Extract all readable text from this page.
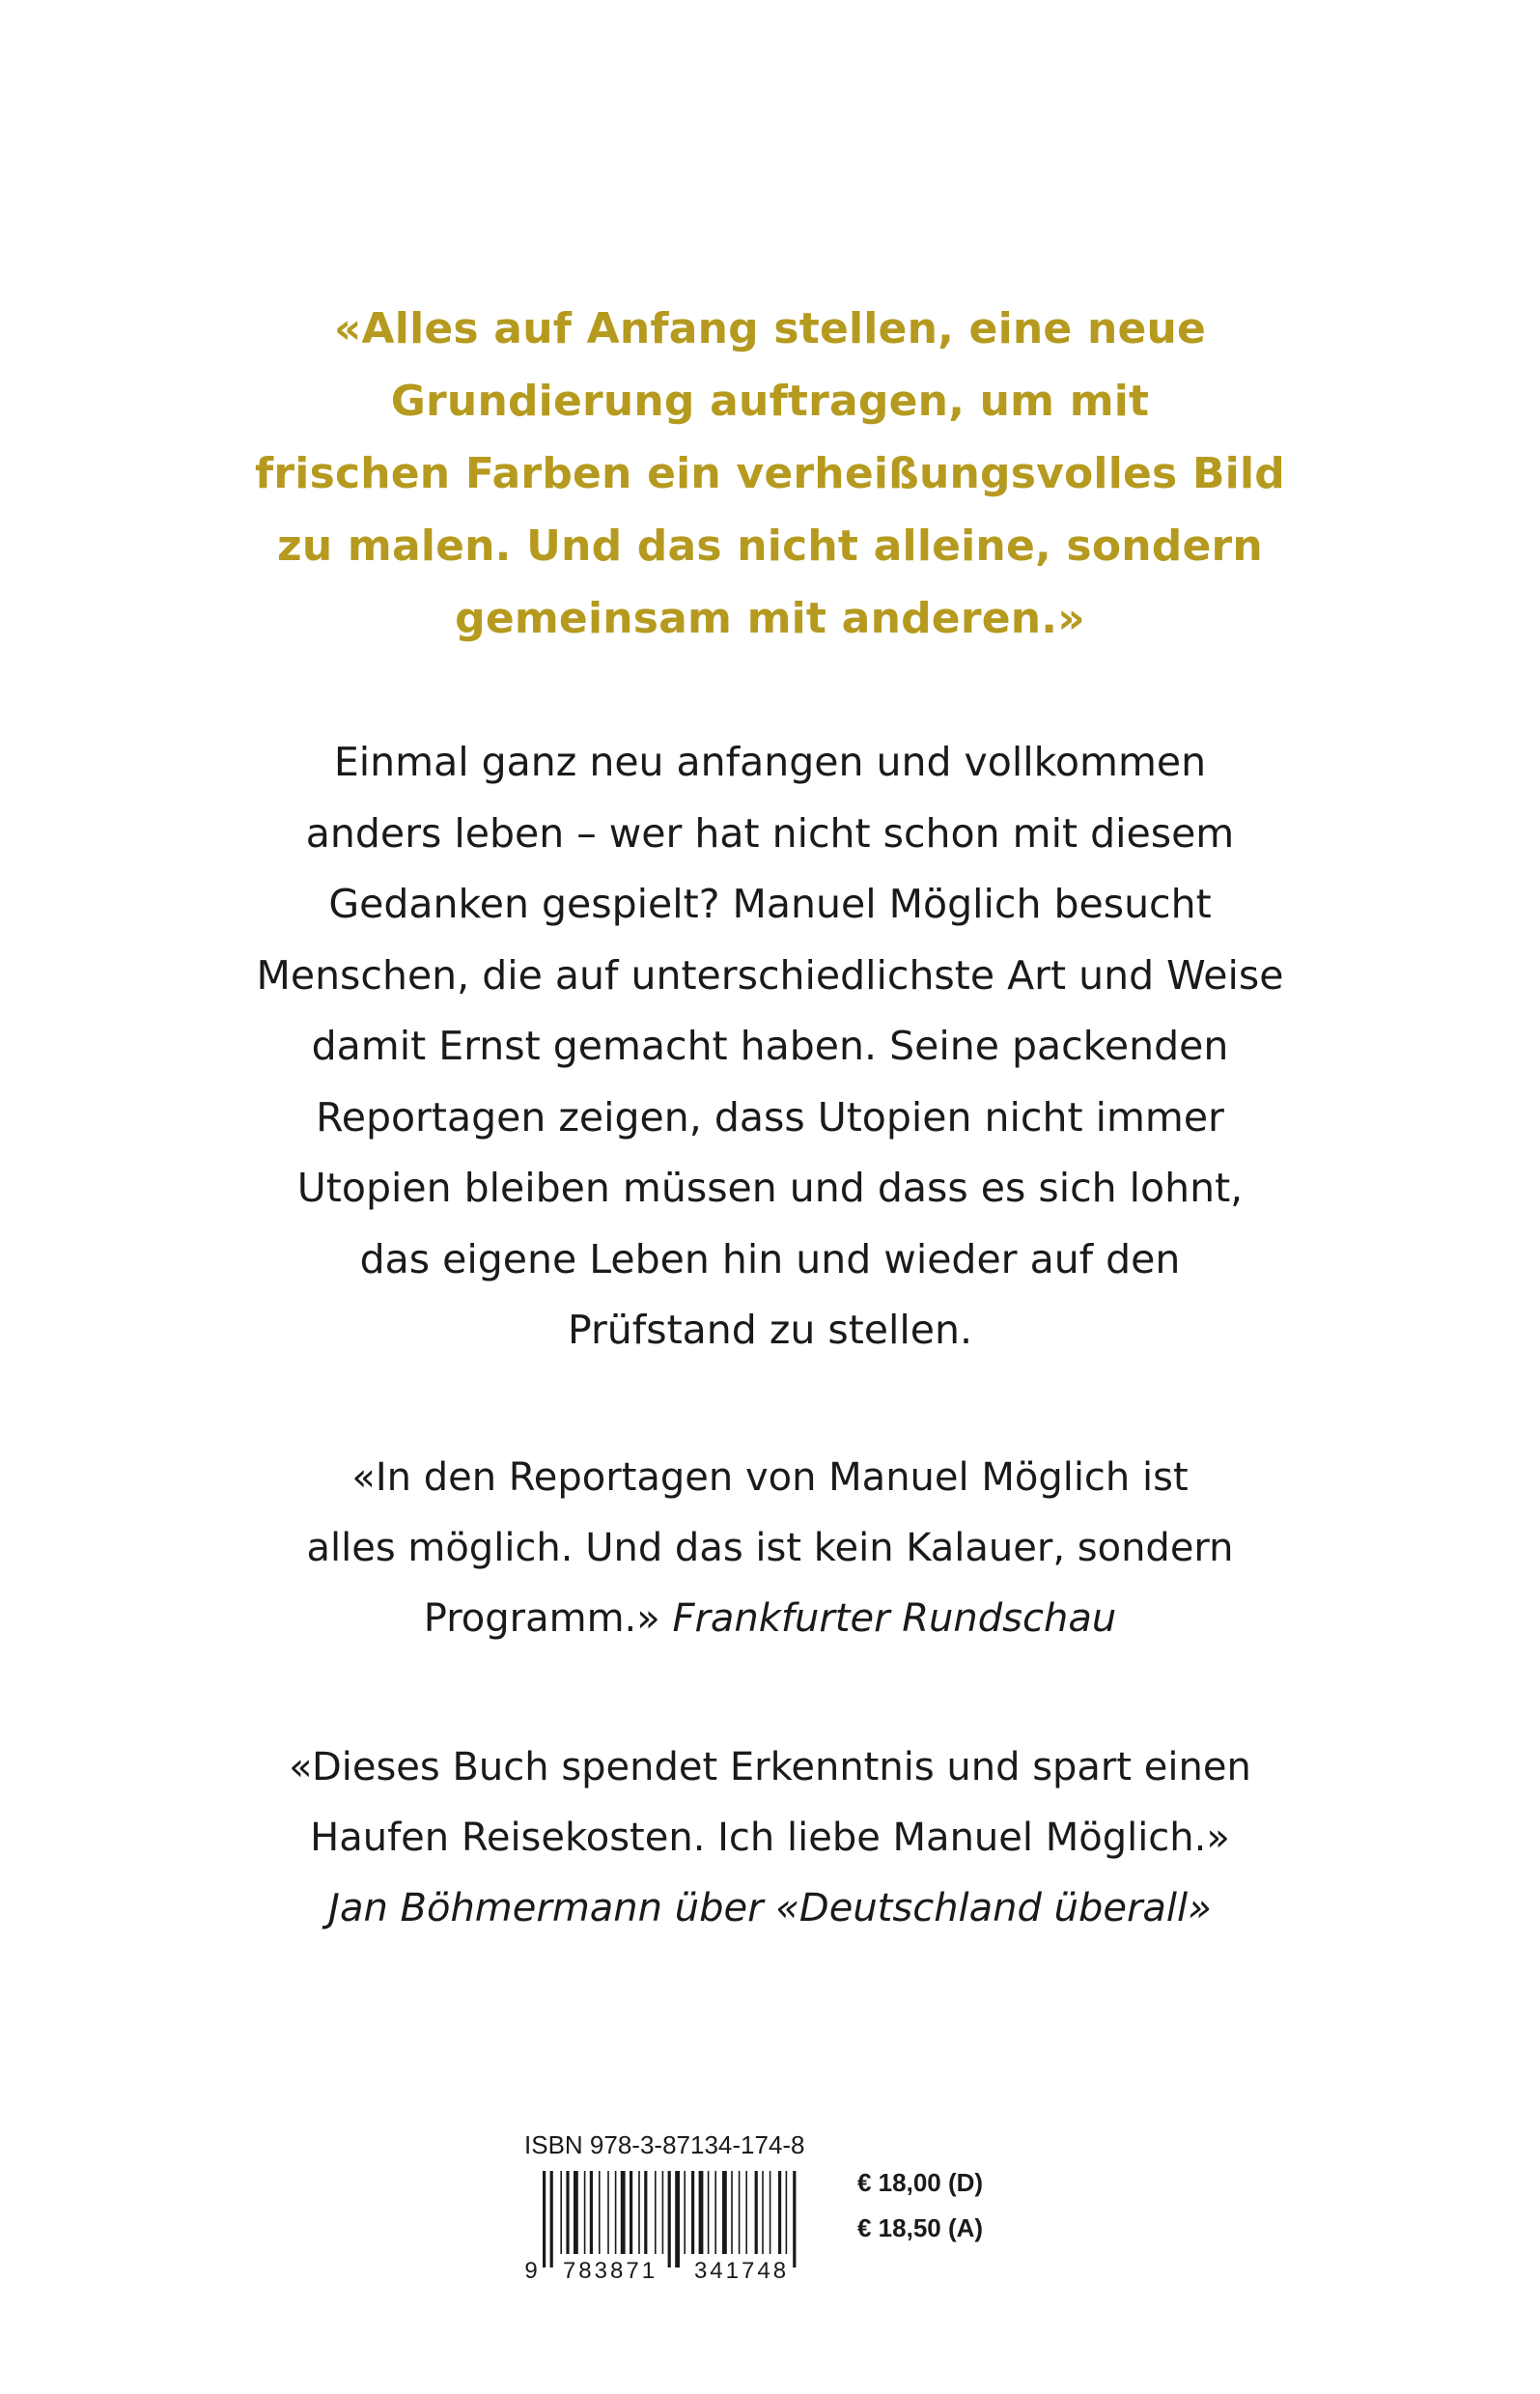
«Alles auf Anfang stellen, eine neue
Grundierung auftragen, um mit
frischen Farben ein verheißungsvolles Bild
zu malen. Und das nicht alleine, sondern
gemeinsam mit anderen.»
Einmal ganz neu anfangen und vollkommen
anders leben – wer hat nicht schon mit diesem
Gedanken gespielt? Manuel Möglich besucht
Menschen, die auf unterschiedlichste Art und Weise
damit Ernst gemacht haben. Seine packenden
Reportagen zeigen, dass Utopien nicht immer
Utopien bleiben müssen und dass es sich lohnt,
das eigene Leben hin und wieder auf den
Prüfstand zu stellen.
«In den Reportagen von Manuel Möglich ist
alles möglich. Und das ist kein Kalauer, sondern
Programm.» Frankfurter Rundschau
«Dieses Buch spendet Erkenntnis und spart einen
Haufen Reisekosten. Ich liebe Manuel Möglich.»
Jan Böhmermann über «Deutschland überall»
ISBN 978-3-87134-174-8
9 783871 341748
€ 18,00 (D)
€ 18,50 (A)
